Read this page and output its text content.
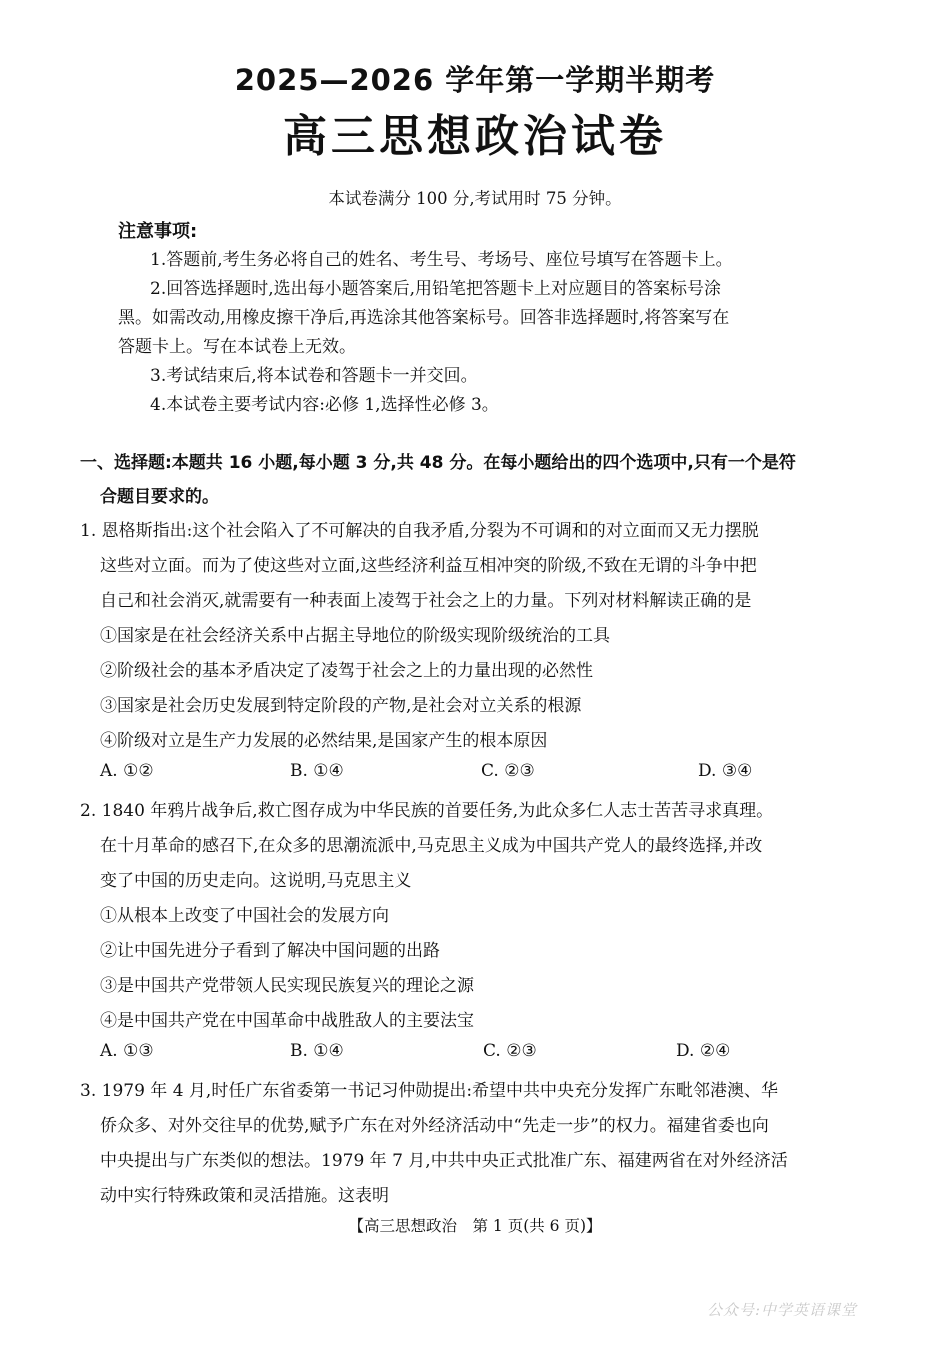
2025—2026 学年第一学期半期考
高三思想政治试卷
本试卷满分 100 分,考试用时 75 分钟。
注意事项:
1.答题前,考生务必将自己的姓名、考生号、考场号、座位号填写在答题卡上。
2.回答选择题时,选出每小题答案后,用铅笔把答题卡上对应题目的答案标号涂
黑。如需改动,用橡皮擦干净后,再选涂其他答案标号。回答非选择题时,将答案写在
答题卡上。写在本试卷上无效。
3.考试结束后,将本试卷和答题卡一并交回。
4.本试卷主要考试内容:必修 1,选择性必修 3。
一、选择题:本题共 16 小题,每小题 3 分,共 48 分。在每小题给出的四个选项中,只有一个是符
合题目要求的。
1. 恩格斯指出:这个社会陷入了不可解决的自我矛盾,分裂为不可调和的对立面而又无力摆脱
这些对立面。而为了使这些对立面,这些经济利益互相冲突的阶级,不致在无谓的斗争中把
自己和社会消灭,就需要有一种表面上凌驾于社会之上的力量。下列对材料解读正确的是
①国家是在社会经济关系中占据主导地位的阶级实现阶级统治的工具
②阶级社会的基本矛盾决定了凌驾于社会之上的力量出现的必然性
③国家是社会历史发展到特定阶段的产物,是社会对立关系的根源
④阶级对立是生产力发展的必然结果,是国家产生的根本原因
A. ①②	B. ①④	C. ②③	D. ③④
2. 1840 年鸦片战争后,救亡图存成为中华民族的首要任务,为此众多仁人志士苦苦寻求真理。
在十月革命的感召下,在众多的思潮流派中,马克思主义成为中国共产党人的最终选择,并改
变了中国的历史走向。这说明,马克思主义
①从根本上改变了中国社会的发展方向
②让中国先进分子看到了解决中国问题的出路
③是中国共产党带领人民实现民族复兴的理论之源
④是中国共产党在中国革命中战胜敌人的主要法宝
A. ①③	B. ①④	C. ②③	D. ②④
3. 1979 年 4 月,时任广东省委第一书记习仲勋提出:希望中共中央充分发挥广东毗邻港澳、华
侨众多、对外交往早的优势,赋予广东在对外经济活动中“先走一步”的权力。福建省委也向
中央提出与广东类似的想法。1979 年 7 月,中共中央正式批准广东、福建两省在对外经济活
动中实行特殊政策和灵活措施。这表明
【高三思想政治　第 1 页(共 6 页)】
公众号:中学英语课堂
